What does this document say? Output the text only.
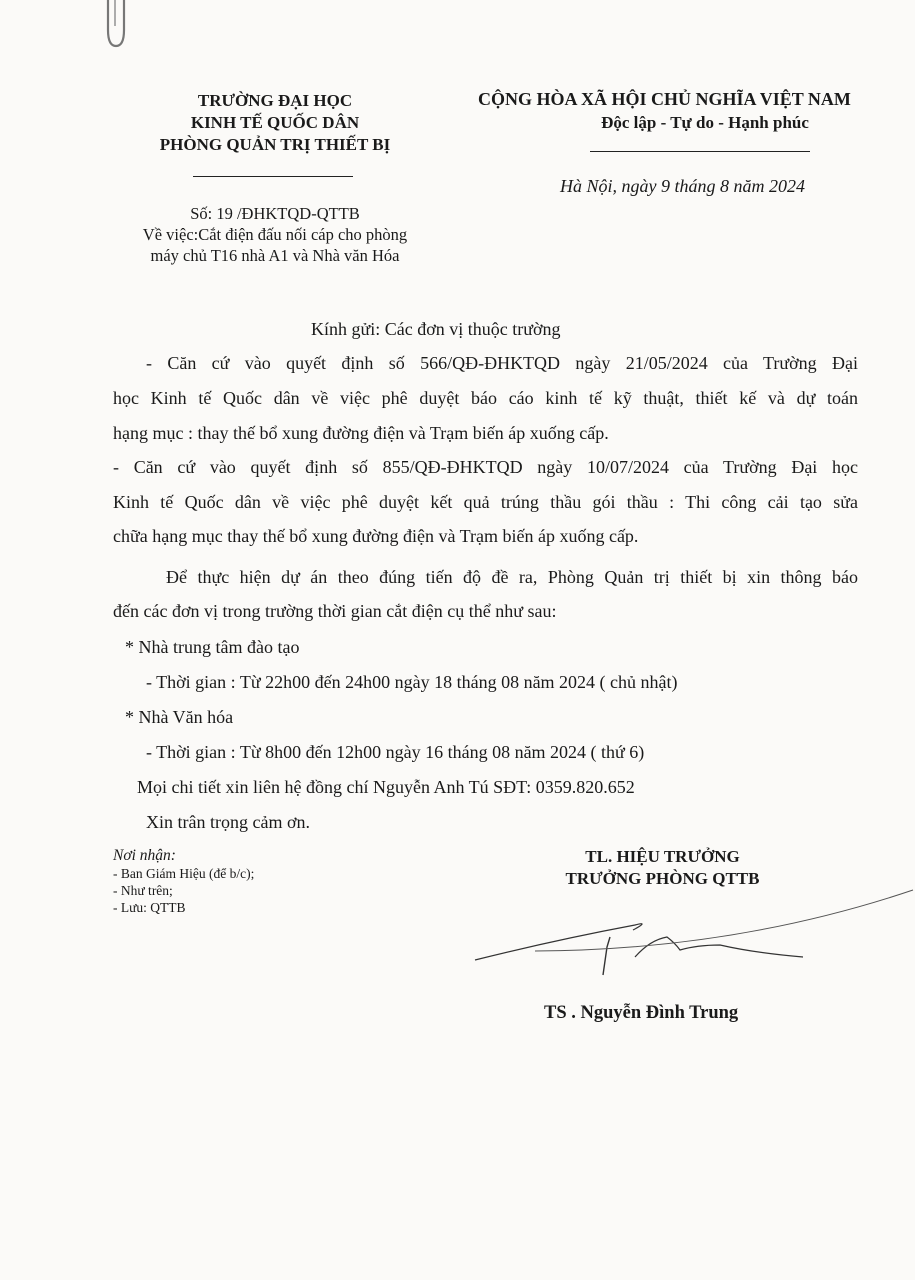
TRƯỜNG ĐẠI HỌC
KINH TẾ QUỐC DÂN
PHÒNG QUẢN TRỊ THIẾT BỊ
CỘNG HÒA XÃ HỘI CHỦ NGHĨA VIỆT NAM
Độc lập - Tự do - Hạnh phúc
Hà Nội, ngày 9 tháng 8 năm 2024
Số: 19 /ĐHKTQD-QTTB
Về việc:Cắt điện đấu nối cáp cho phòng
máy chủ T16 nhà A1 và Nhà văn Hóa
Kính gửi: Các đơn vị thuộc trường
- Căn cứ vào quyết định số 566/QĐ-ĐHKTQD ngày 21/05/2024 của Trường Đại
học Kinh tế Quốc dân về việc phê duyệt báo cáo kinh tế kỹ thuật, thiết kế và dự toán
hạng mục : thay thế bổ xung đường điện và Trạm biến áp xuống cấp.
- Căn cứ vào quyết định số 855/QĐ-ĐHKTQD ngày 10/07/2024 của Trường Đại học
Kinh tế Quốc dân về việc phê duyệt kết quả trúng thầu gói thầu : Thi công cải tạo sửa
chữa hạng mục thay thế bổ xung đường điện và Trạm biến áp xuống cấp.
Để thực hiện dự án theo đúng tiến độ đề ra, Phòng Quản trị thiết bị xin thông báo
đến các đơn vị trong trường thời gian cắt điện cụ thể như sau:
* Nhà trung tâm đào tạo
- Thời gian : Từ 22h00 đến 24h00 ngày 18 tháng 08 năm 2024 ( chủ nhật)
* Nhà Văn hóa
- Thời gian : Từ 8h00 đến 12h00 ngày 16 tháng 08 năm 2024 ( thứ 6)
Mọi chi tiết xin liên hệ đồng chí Nguyễn Anh Tú SĐT: 0359.820.652
Xin trân trọng cảm ơn.
Nơi nhận:
- Ban Giám Hiệu (để b/c);
- Như trên;
- Lưu: QTTB
TL. HIỆU TRƯỞNG
TRƯỞNG PHÒNG QTTB
TS . Nguyễn Đình Trung
